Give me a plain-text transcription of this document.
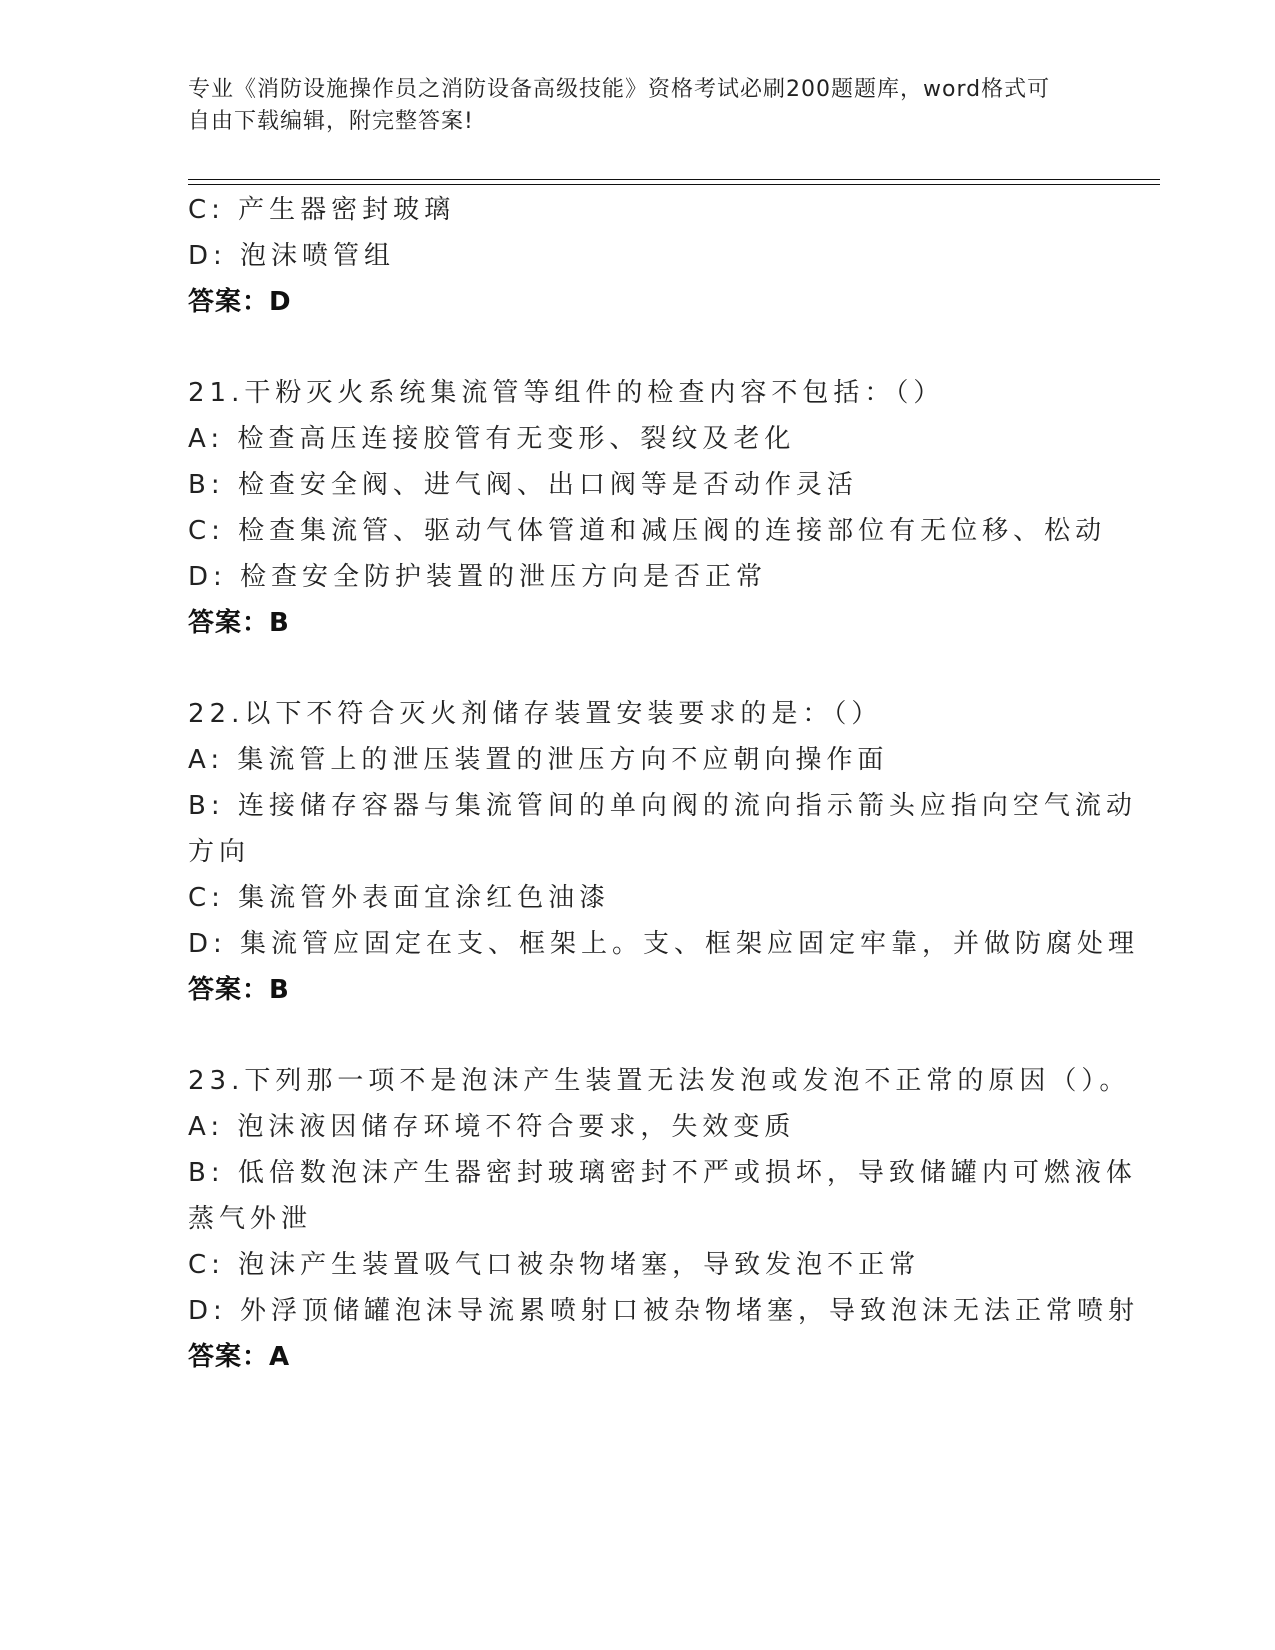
专业《消防设施操作员之消防设备高级技能》资格考试必刷200题题库，word格式可自由下载编辑，附完整答案!
C: 产生器密封玻璃
D: 泡沫喷管组
答案：D
21.干粉灭火系统集流管等组件的检查内容不包括：（）
A: 检查高压连接胶管有无变形、裂纹及老化
B: 检查安全阀、进气阀、出口阀等是否动作灵活
C: 检查集流管、驱动气体管道和减压阀的连接部位有无位移、松动
D: 检查安全防护装置的泄压方向是否正常
答案：B
22.以下不符合灭火剂储存装置安装要求的是：（）
A: 集流管上的泄压装置的泄压方向不应朝向操作面
B: 连接储存容器与集流管间的单向阀的流向指示箭头应指向空气流动
方向
C: 集流管外表面宜涂红色油漆
D: 集流管应固定在支、框架上。支、框架应固定牢靠，并做防腐处理
答案：B
23.下列那一项不是泡沫产生装置无法发泡或发泡不正常的原因（）。
A: 泡沫液因储存环境不符合要求，失效变质
B: 低倍数泡沫产生器密封玻璃密封不严或损坏，导致储罐内可燃液体
蒸气外泄
C: 泡沫产生装置吸气口被杂物堵塞，导致发泡不正常
D: 外浮顶储罐泡沫导流累喷射口被杂物堵塞，导致泡沫无法正常喷射
答案：A
